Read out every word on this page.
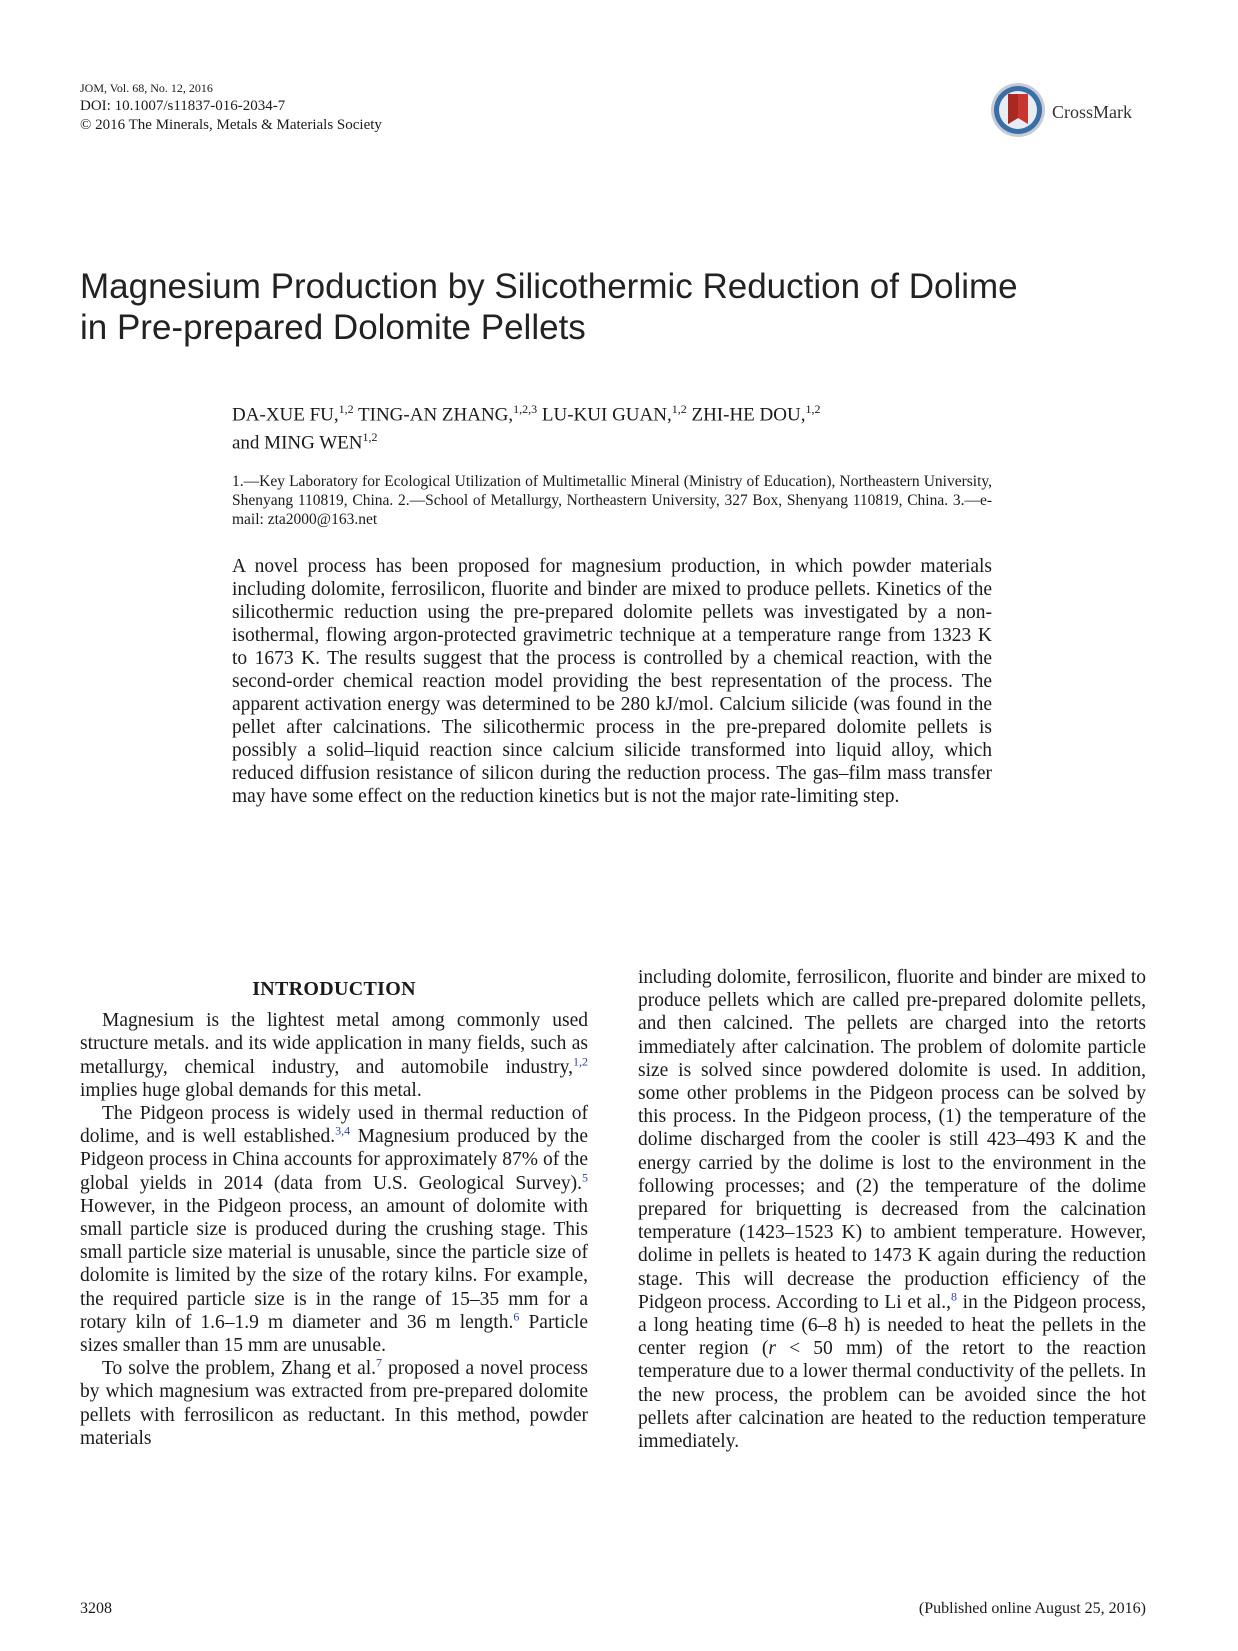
JOM, Vol. 68, No. 12, 2016
DOI: 10.1007/s11837-016-2034-7
© 2016 The Minerals, Metals & Materials Society
CrossMark
Magnesium Production by Silicothermic Reduction of Dolime
in Pre-prepared Dolomite Pellets
DA-XUE FU,$^{1,2}$ TING-AN ZHANG,$^{1,2,3}$ LU-KUI GUAN,$^{1,2}$ ZHI-HE DOU,$^{1,2}$
and MING WEN$^{1,2}$
1.—Key Laboratory for Ecological Utilization of Multimetallic Mineral (Ministry of Education), Northeastern University, Shenyang 110819, China. 2.—School of Metallurgy, Northeastern University, 327 Box, Shenyang 110819, China. 3.—e-mail: zta2000@163.net
A novel process has been proposed for magnesium production, in which powder materials including dolomite, ferrosilicon, fluorite and binder are mixed to produce pellets. Kinetics of the silicothermic reduction using the pre-prepared dolomite pellets was investigated by a non-isothermal, flowing argon-protected gravimetric technique at a temperature range from 1323 K to 1673 K. The results suggest that the process is controlled by a chemical reaction, with the second-order chemical reaction model providing the best representation of the process. The apparent activation energy was determined to be 280 kJ/mol. Calcium silicide (was found in the pellet after calcinations. The silicothermic process in the pre-prepared dolomite pellets is possibly a solid–liquid reaction since calcium silicide transformed into liquid alloy, which reduced diffusion resistance of silicon during the reduction process. The gas–film mass transfer may have some effect on the reduction kinetics but is not the major rate-limiting step.
INTRODUCTION

Magnesium is the lightest metal among commonly used structure metals. and its wide application in many fields, such as metallurgy, chemical industry, and automobile industry,$^{1,2}$ implies huge global demands for this metal.

The Pidgeon process is widely used in thermal reduction of dolime, and is well established.$^{3,4}$ Magnesium produced by the Pidgeon process in China accounts for approximately 87% of the global yields in 2014 (data from U.S. Geological Survey).$^5$ However, in the Pidgeon process, an amount of dolomite with small particle size is produced during the crushing stage. This small particle size material is unusable, since the particle size of dolomite is limited by the size of the rotary kilns. For example, the required particle size is in the range of 15–35 mm for a rotary kiln of 1.6–1.9 m diameter and 36 m length.$^6$ Particle sizes smaller than 15 mm are unusable.

To solve the problem, Zhang et al.$^7$ proposed a novel process by which magnesium was extracted from pre-prepared dolomite pellets with ferrosilicon as reductant. In this method, powder materials

including dolomite, ferrosilicon, fluorite and binder are mixed to produce pellets which are called pre-prepared dolomite pellets, and then calcined. The pellets are charged into the retorts immediately after calcination. The problem of dolomite particle size is solved since powdered dolomite is used. In addition, some other problems in the Pidgeon process can be solved by this process. In the Pidgeon process, (1) the temperature of the dolime discharged from the cooler is still 423–493 K and the energy carried by the dolime is lost to the environment in the following processes; and (2) the temperature of the dolime prepared for briquetting is decreased from the calcination temperature (1423–1523 K) to ambient temperature. However, dolime in pellets is heated to 1473 K again during the reduction stage. This will decrease the production efficiency of the Pidgeon process. According to Li et al.,$^8$ in the Pidgeon process, a long heating time (6–8 h) is needed to heat the pellets in the center region (r < 50 mm) of the retort to the reaction temperature due to a lower thermal conductivity of the pellets. In the new process, the problem can be avoided since the hot pellets after calcination are heated to the reduction temperature immediately.

3208	(Published online August 25, 2016)
